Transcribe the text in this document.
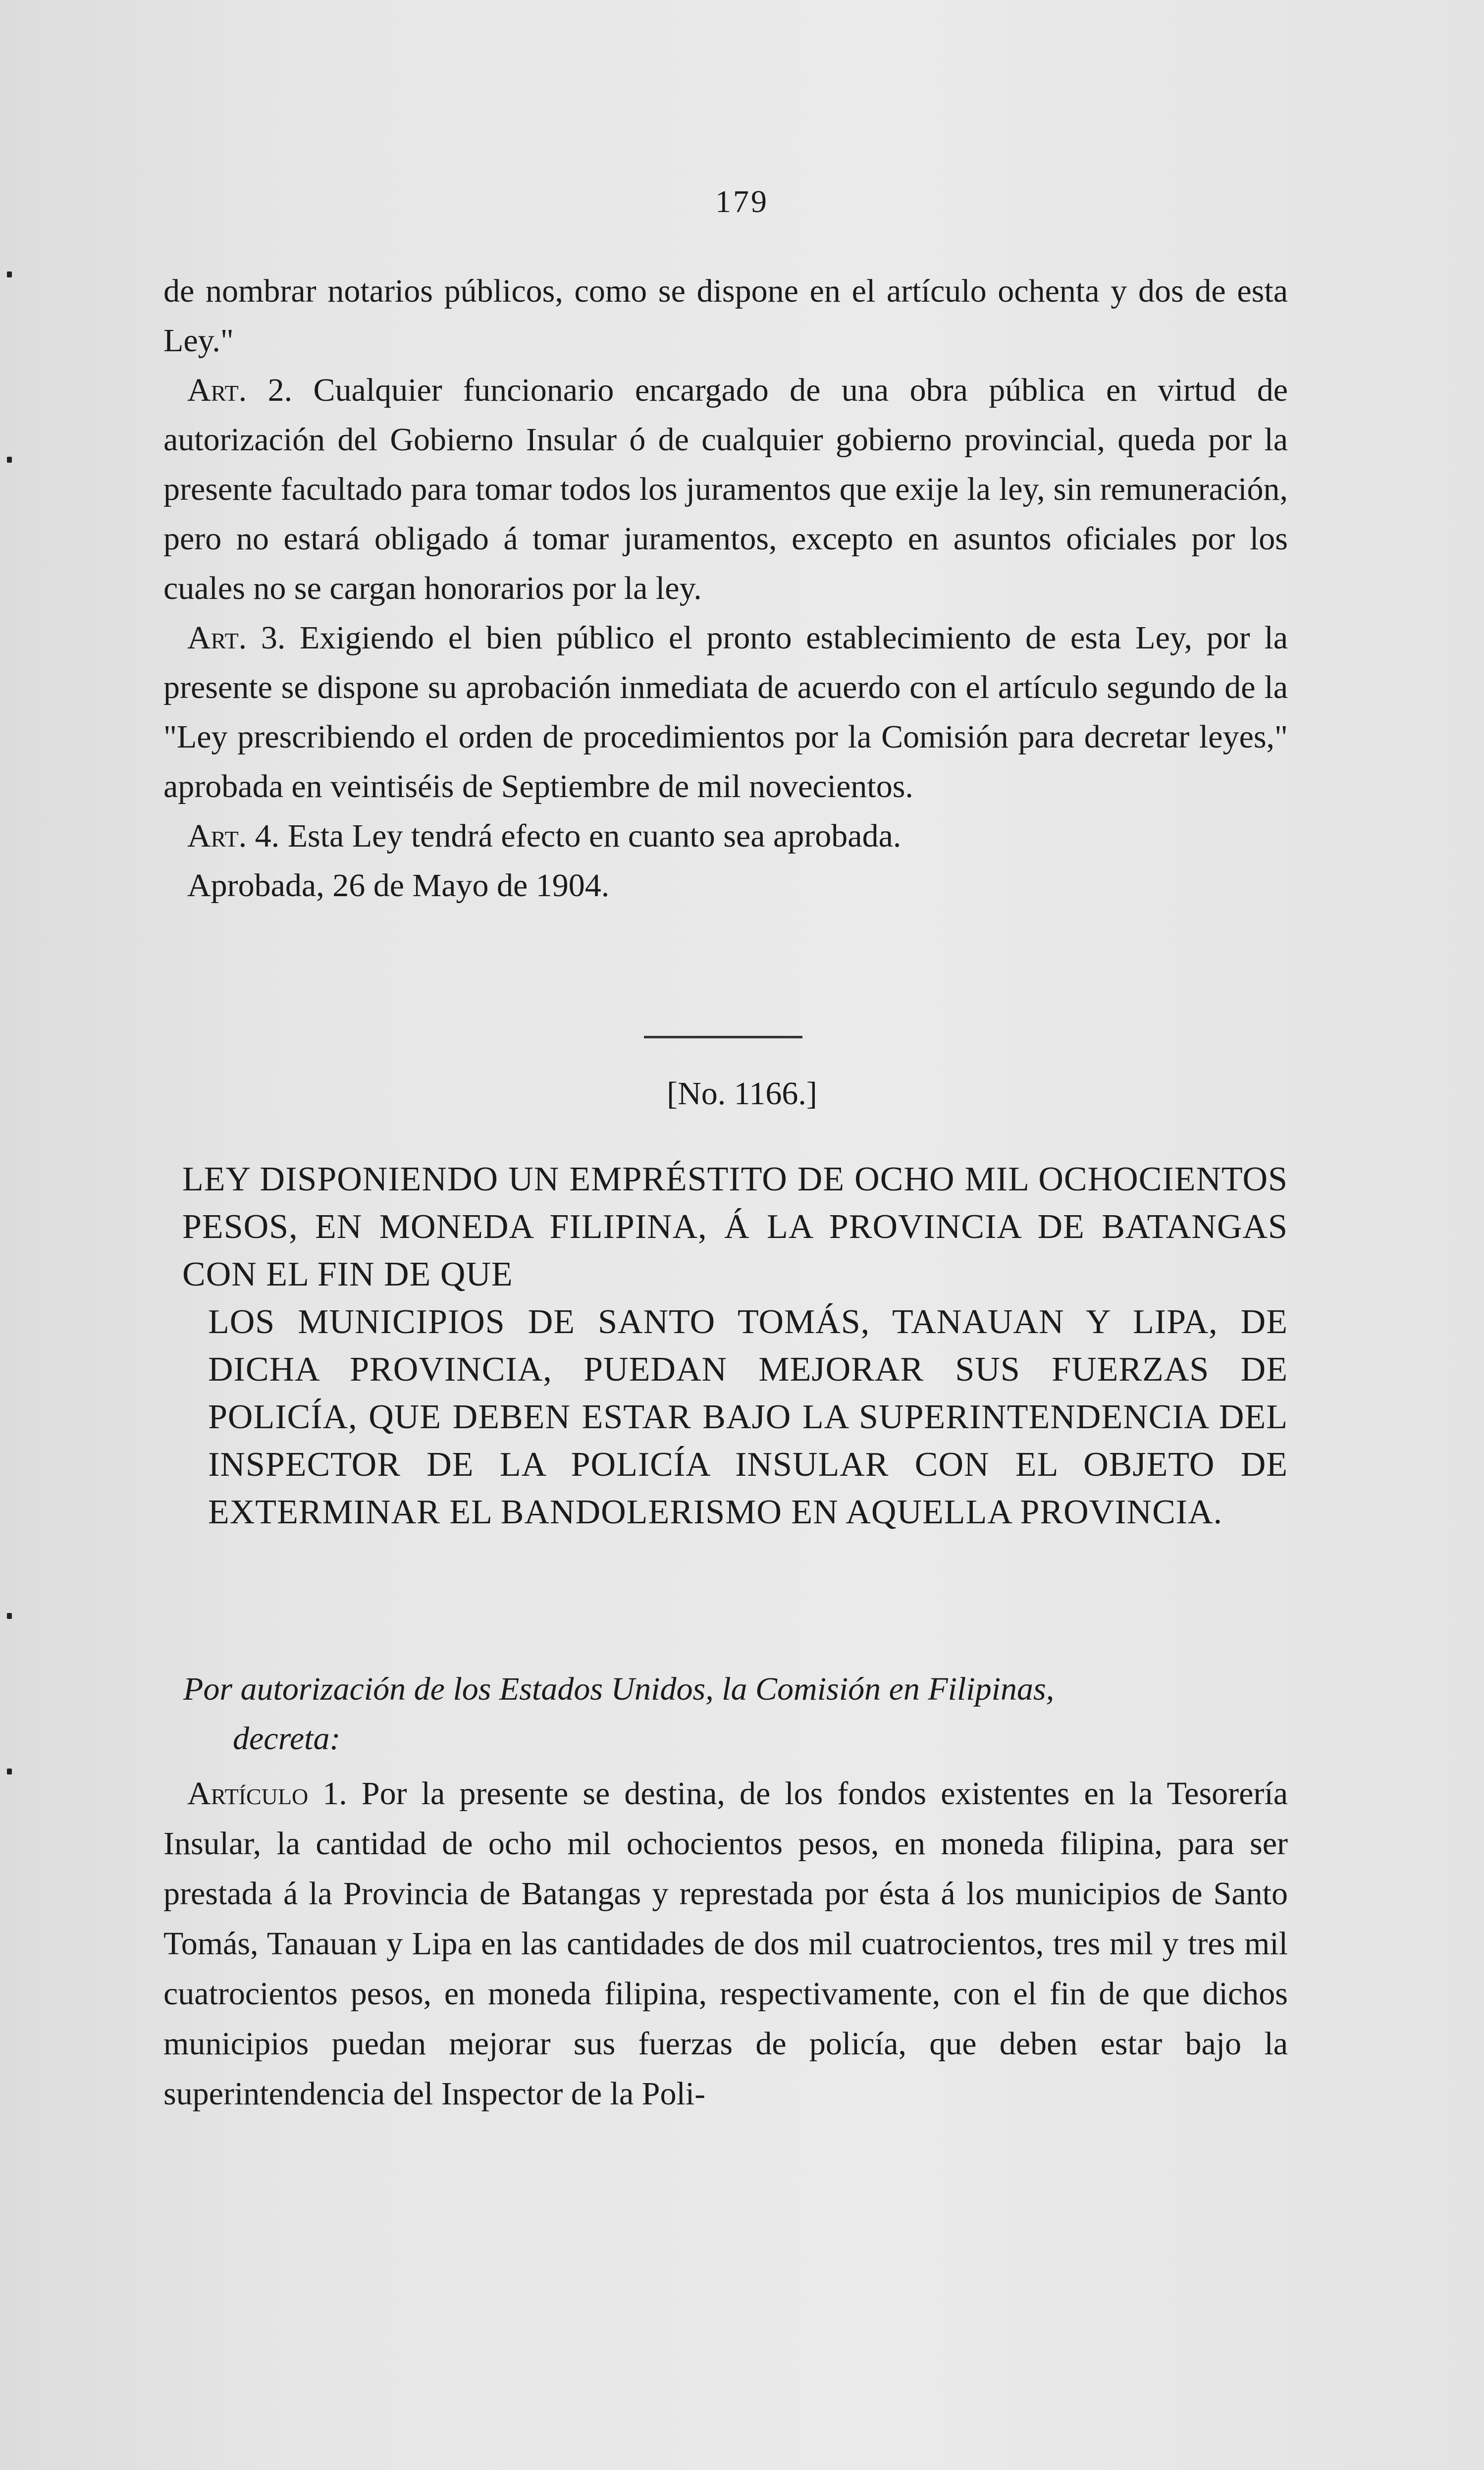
179

de nombrar notarios públicos, como se dispone en el artículo ochenta y dos de esta Ley."

Art. 2. Cualquier funcionario encargado de una obra pública en virtud de autorización del Gobierno Insular ó de cualquier gobierno provincial, queda por la presente facultado para tomar todos los juramentos que exije la ley, sin remuneración, pero no estará obligado á tomar juramentos, excepto en asuntos oficiales por los cuales no se cargan honorarios por la ley.

Art. 3. Exigiendo el bien público el pronto establecimiento de esta Ley, por la presente se dispone su aprobación inmediata de acuerdo con el artículo segundo de la "Ley prescribiendo el orden de procedimientos por la Comisión para decretar leyes," aprobada en veintiséis de Septiembre de mil novecientos.

Art. 4. Esta Ley tendrá efecto en cuanto sea aprobada.

Aprobada, 26 de Mayo de 1904.

[No. 1166.]
LEY DISPONIENDO UN EMPRÉSTITO DE OCHO MIL OCHOCIENTOS PESOS, EN MONEDA FILIPINA, Á LA PROVINCIA DE BATANGAS CON EL FIN DE QUE
LOS MUNICIPIOS DE SANTO TOMÁS, TANAUAN Y LIPA, DE DICHA PROVINCIA, PUEDAN MEJORAR SUS FUERZAS DE POLICÍA, QUE DEBEN ESTAR BAJO LA SUPERINTENDENCIA DEL INSPECTOR DE LA POLICÍA INSULAR CON EL OBJETO DE EXTERMINAR EL BANDOLERISMO EN AQUELLA PROVINCIA.
Por autorización de los Estados Unidos, la Comisión en Filipinas,
decreta:

Artículo 1. Por la presente se destina, de los fondos existentes en la Tesorería Insular, la cantidad de ocho mil ochocientos pesos, en moneda filipina, para ser prestada á la Provincia de Batangas y represtada por ésta á los municipios de Santo Tomás, Tanauan y Lipa en las cantidades de dos mil cuatrocientos, tres mil y tres mil cuatrocientos pesos, en moneda filipina, respectivamente, con el fin de que dichos municipios puedan mejorar sus fuerzas de policía, que deben estar bajo la superintendencia del Inspector de la Poli-
